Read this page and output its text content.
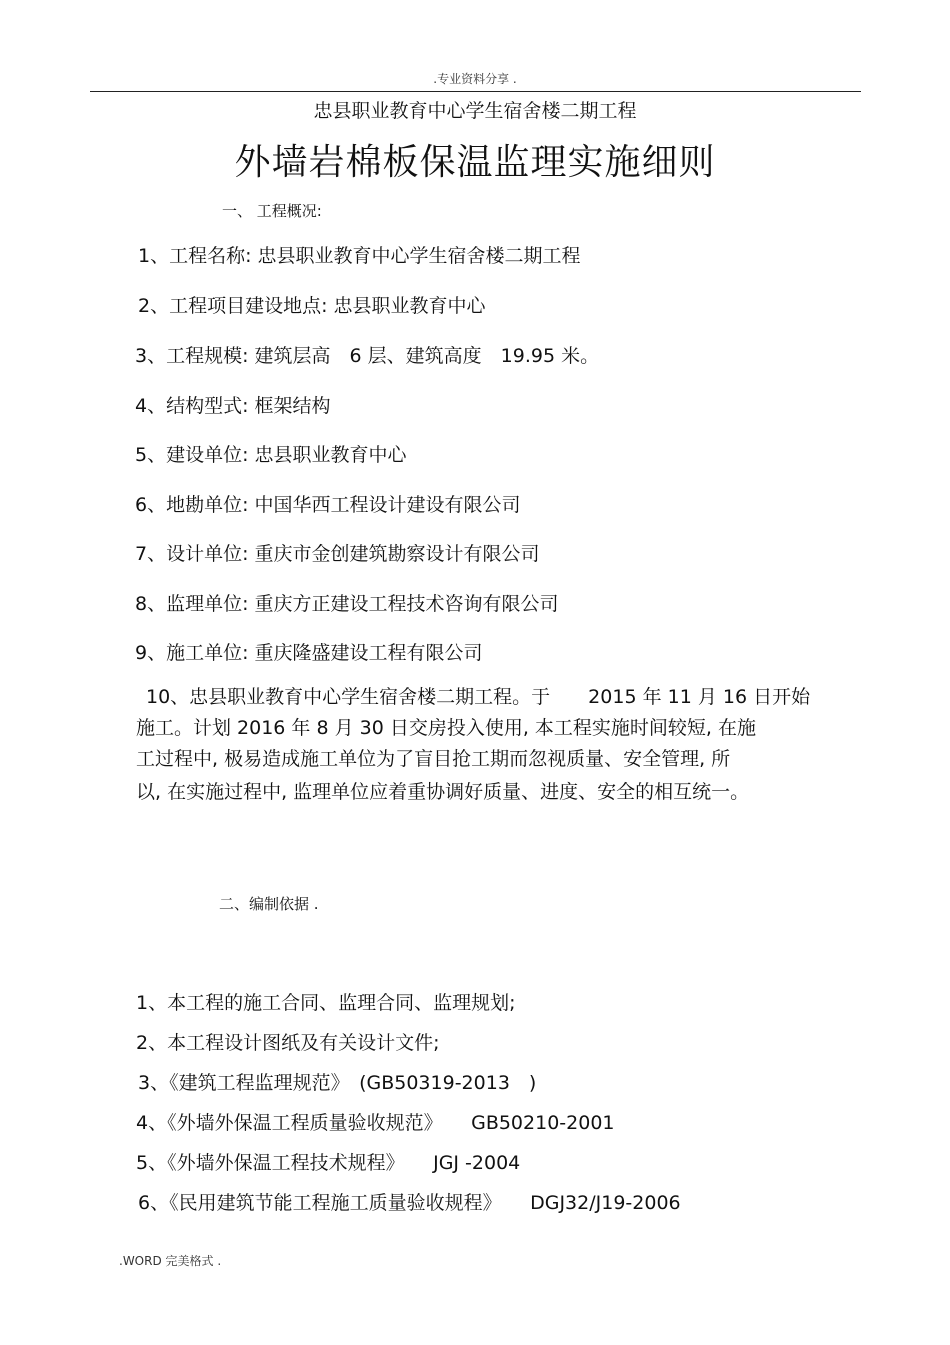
.专业资料分享 .
忠县职业教育中心学生宿舍楼二期工程
外墙岩棉板保温监理实施细则
一、 工程概况:
1、工程名称: 忠县职业教育中心学生宿舍楼二期工程
2、工程项目建设地点: 忠县职业教育中心
3、工程规模: 建筑层高　6 层、建筑高度　19.95 米。
4、结构型式: 框架结构
5、建设单位: 忠县职业教育中心
6、地勘单位: 中国华西工程设计建设有限公司
7、设计单位: 重庆市金创建筑勘察设计有限公司
8、监理单位: 重庆方正建设工程技术咨询有限公司
9、施工单位: 重庆隆盛建设工程有限公司
10、忠县职业教育中心学生宿舍楼二期工程。于　　2015 年 11 月 16 日开始
施工。计划 2016 年 8 月 30 日交房投入使用, 本工程实施时间较短, 在施
工过程中, 极易造成施工单位为了盲目抢工期而忽视质量、安全管理, 所
以, 在实施过程中, 监理单位应着重协调好质量、进度、安全的相互统一。
二、编制依据 .
1、本工程的施工合同、监理合同、监理规划;
2、本工程设计图纸及有关设计文件;
3、《建筑工程监理规范》　(GB50319-2013　)
4、《外墙外保温工程质量验收规范》　　GB50210-2001
5、《外墙外保温工程技术规程》　　JGJ -2004
6、《民用建筑节能工程施工质量验收规程》　　DGJ32/J19-2006
.WORD 完美格式 .
